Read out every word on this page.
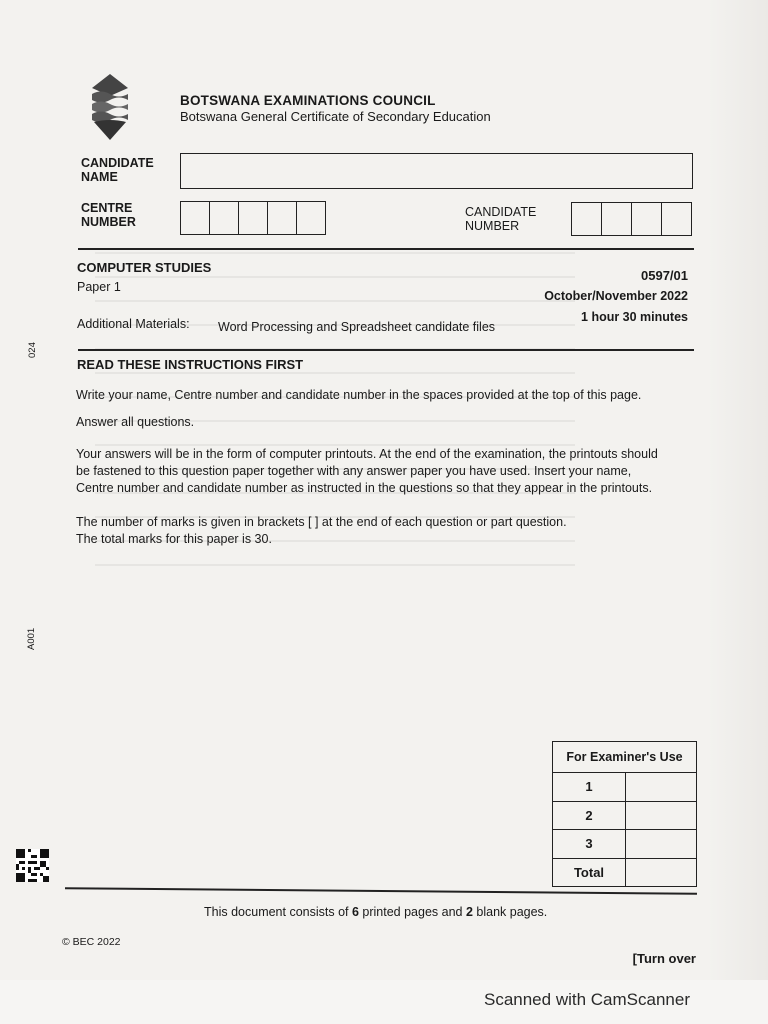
BOTSWANA EXAMINATIONS COUNCIL
Botswana General Certificate of Secondary Education
CANDIDATE
NAME
CENTRE
NUMBER
CANDIDATE
NUMBER
COMPUTER STUDIES
Paper 1
0597/01
October/November 2022
1 hour 30 minutes
Additional Materials: Word Processing and Spreadsheet candidate files
READ THESE INSTRUCTIONS FIRST
Write your name, Centre number and candidate number in the spaces provided at the top of this page.
Answer all questions.
Your answers will be in the form of computer printouts. At the end of the examination, the printouts should be fastened to this question paper together with any answer paper you have used. Insert your name, Centre number and candidate number as instructed in the questions so that they appear in the printouts.
The number of marks is given in brackets [ ] at the end of each question or part question.
The total marks for this paper is 30.
For Examiner's Use	
1	
2	
3	
Total	
024
A001
This document consists of 6 printed pages and 2 blank pages.
© BEC 2022
[Turn over
Scanned with CamScanner
